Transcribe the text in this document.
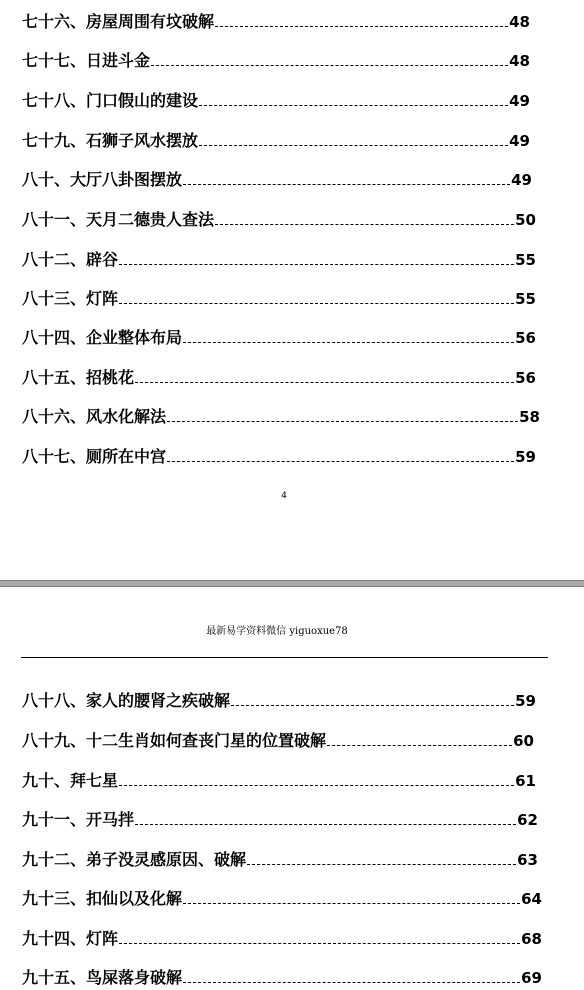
七十六、房屋周围有坟破解	48
七十七、日进斗金	48
七十八、门口假山的建设	49
七十九、石狮子风水摆放	49
八十、大厅八卦图摆放	49
八十一、天月二德贵人查法	50
八十二、辟谷	55
八十三、灯阵	55
八十四、企业整体布局	56
八十五、招桃花	56
八十六、风水化解法	58
八十七、厕所在中宫	59
4
最新易学资料微信 yiguoxue78
八十八、家人的腰肾之疾破解	59
八十九、十二生肖如何查丧门星的位置破解	60
九十、拜七星	61
九十一、开马拌	62
九十二、弟子没灵感原因、破解	63
九十三、扣仙以及化解	64
九十四、灯阵	68
九十五、鸟屎落身破解	69
